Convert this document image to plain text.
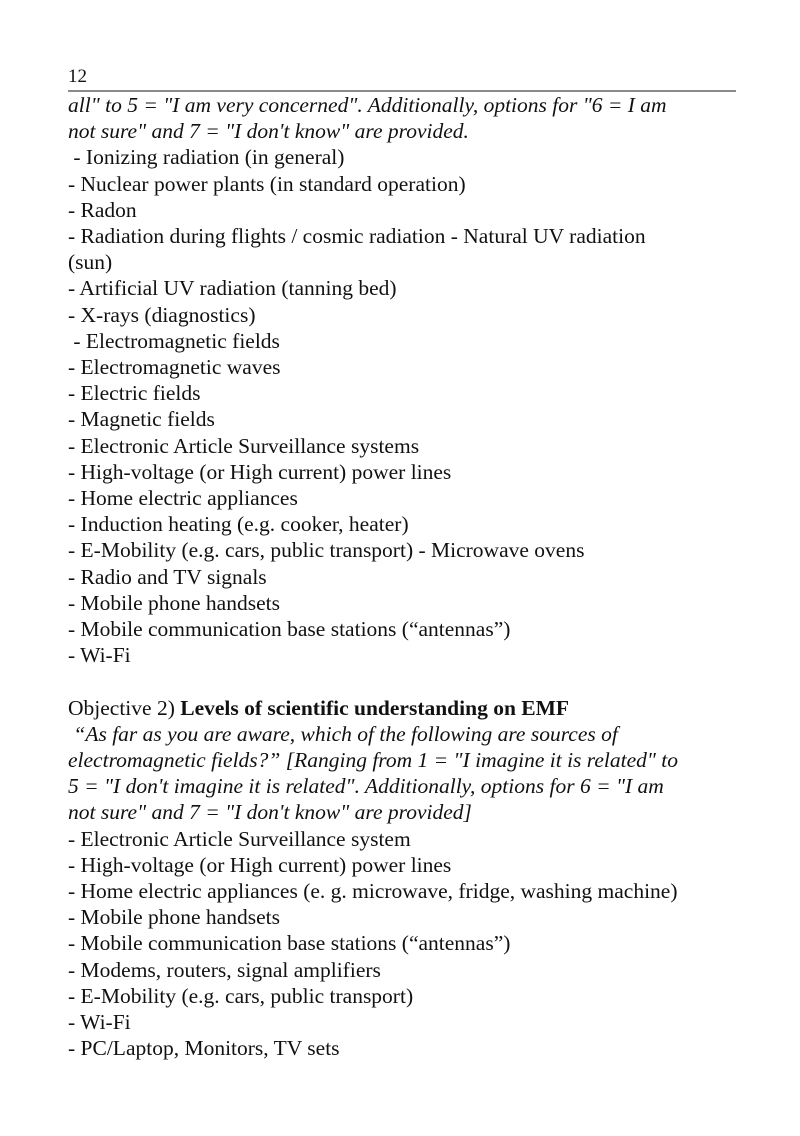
12
all" to 5 = "I am very concerned". Additionally, options for "6 = I am
not sure" and 7 = "I don't know" are provided.
- Ionizing radiation (in general)
- Nuclear power plants (in standard operation)
- Radon
- Radiation during flights / cosmic radiation - Natural UV radiation
(sun)
- Artificial UV radiation (tanning bed)
- X-rays (diagnostics)
- Electromagnetic fields
- Electromagnetic waves
- Electric fields
- Magnetic fields
- Electronic Article Surveillance systems
- High-voltage (or High current) power lines
- Home electric appliances
- Induction heating (e.g. cooker, heater)
- E-Mobility (e.g. cars, public transport) - Microwave ovens
- Radio and TV signals
- Mobile phone handsets
- Mobile communication base stations (“antennas”)
- Wi-Fi
Objective 2) Levels of scientific understanding on EMF
“As far as you are aware, which of the following are sources of
electromagnetic fields?” [Ranging from 1 = "I imagine it is related" to
5 = "I don't imagine it is related". Additionally, options for 6 = "I am
not sure" and 7 = "I don't know" are provided]
- Electronic Article Surveillance system
- High-voltage (or High current) power lines
- Home electric appliances (e. g. microwave, fridge, washing machine)
- Mobile phone handsets
- Mobile communication base stations (“antennas”)
- Modems, routers, signal amplifiers
- E-Mobility (e.g. cars, public transport)
- Wi-Fi
- PC/Laptop, Monitors, TV sets
